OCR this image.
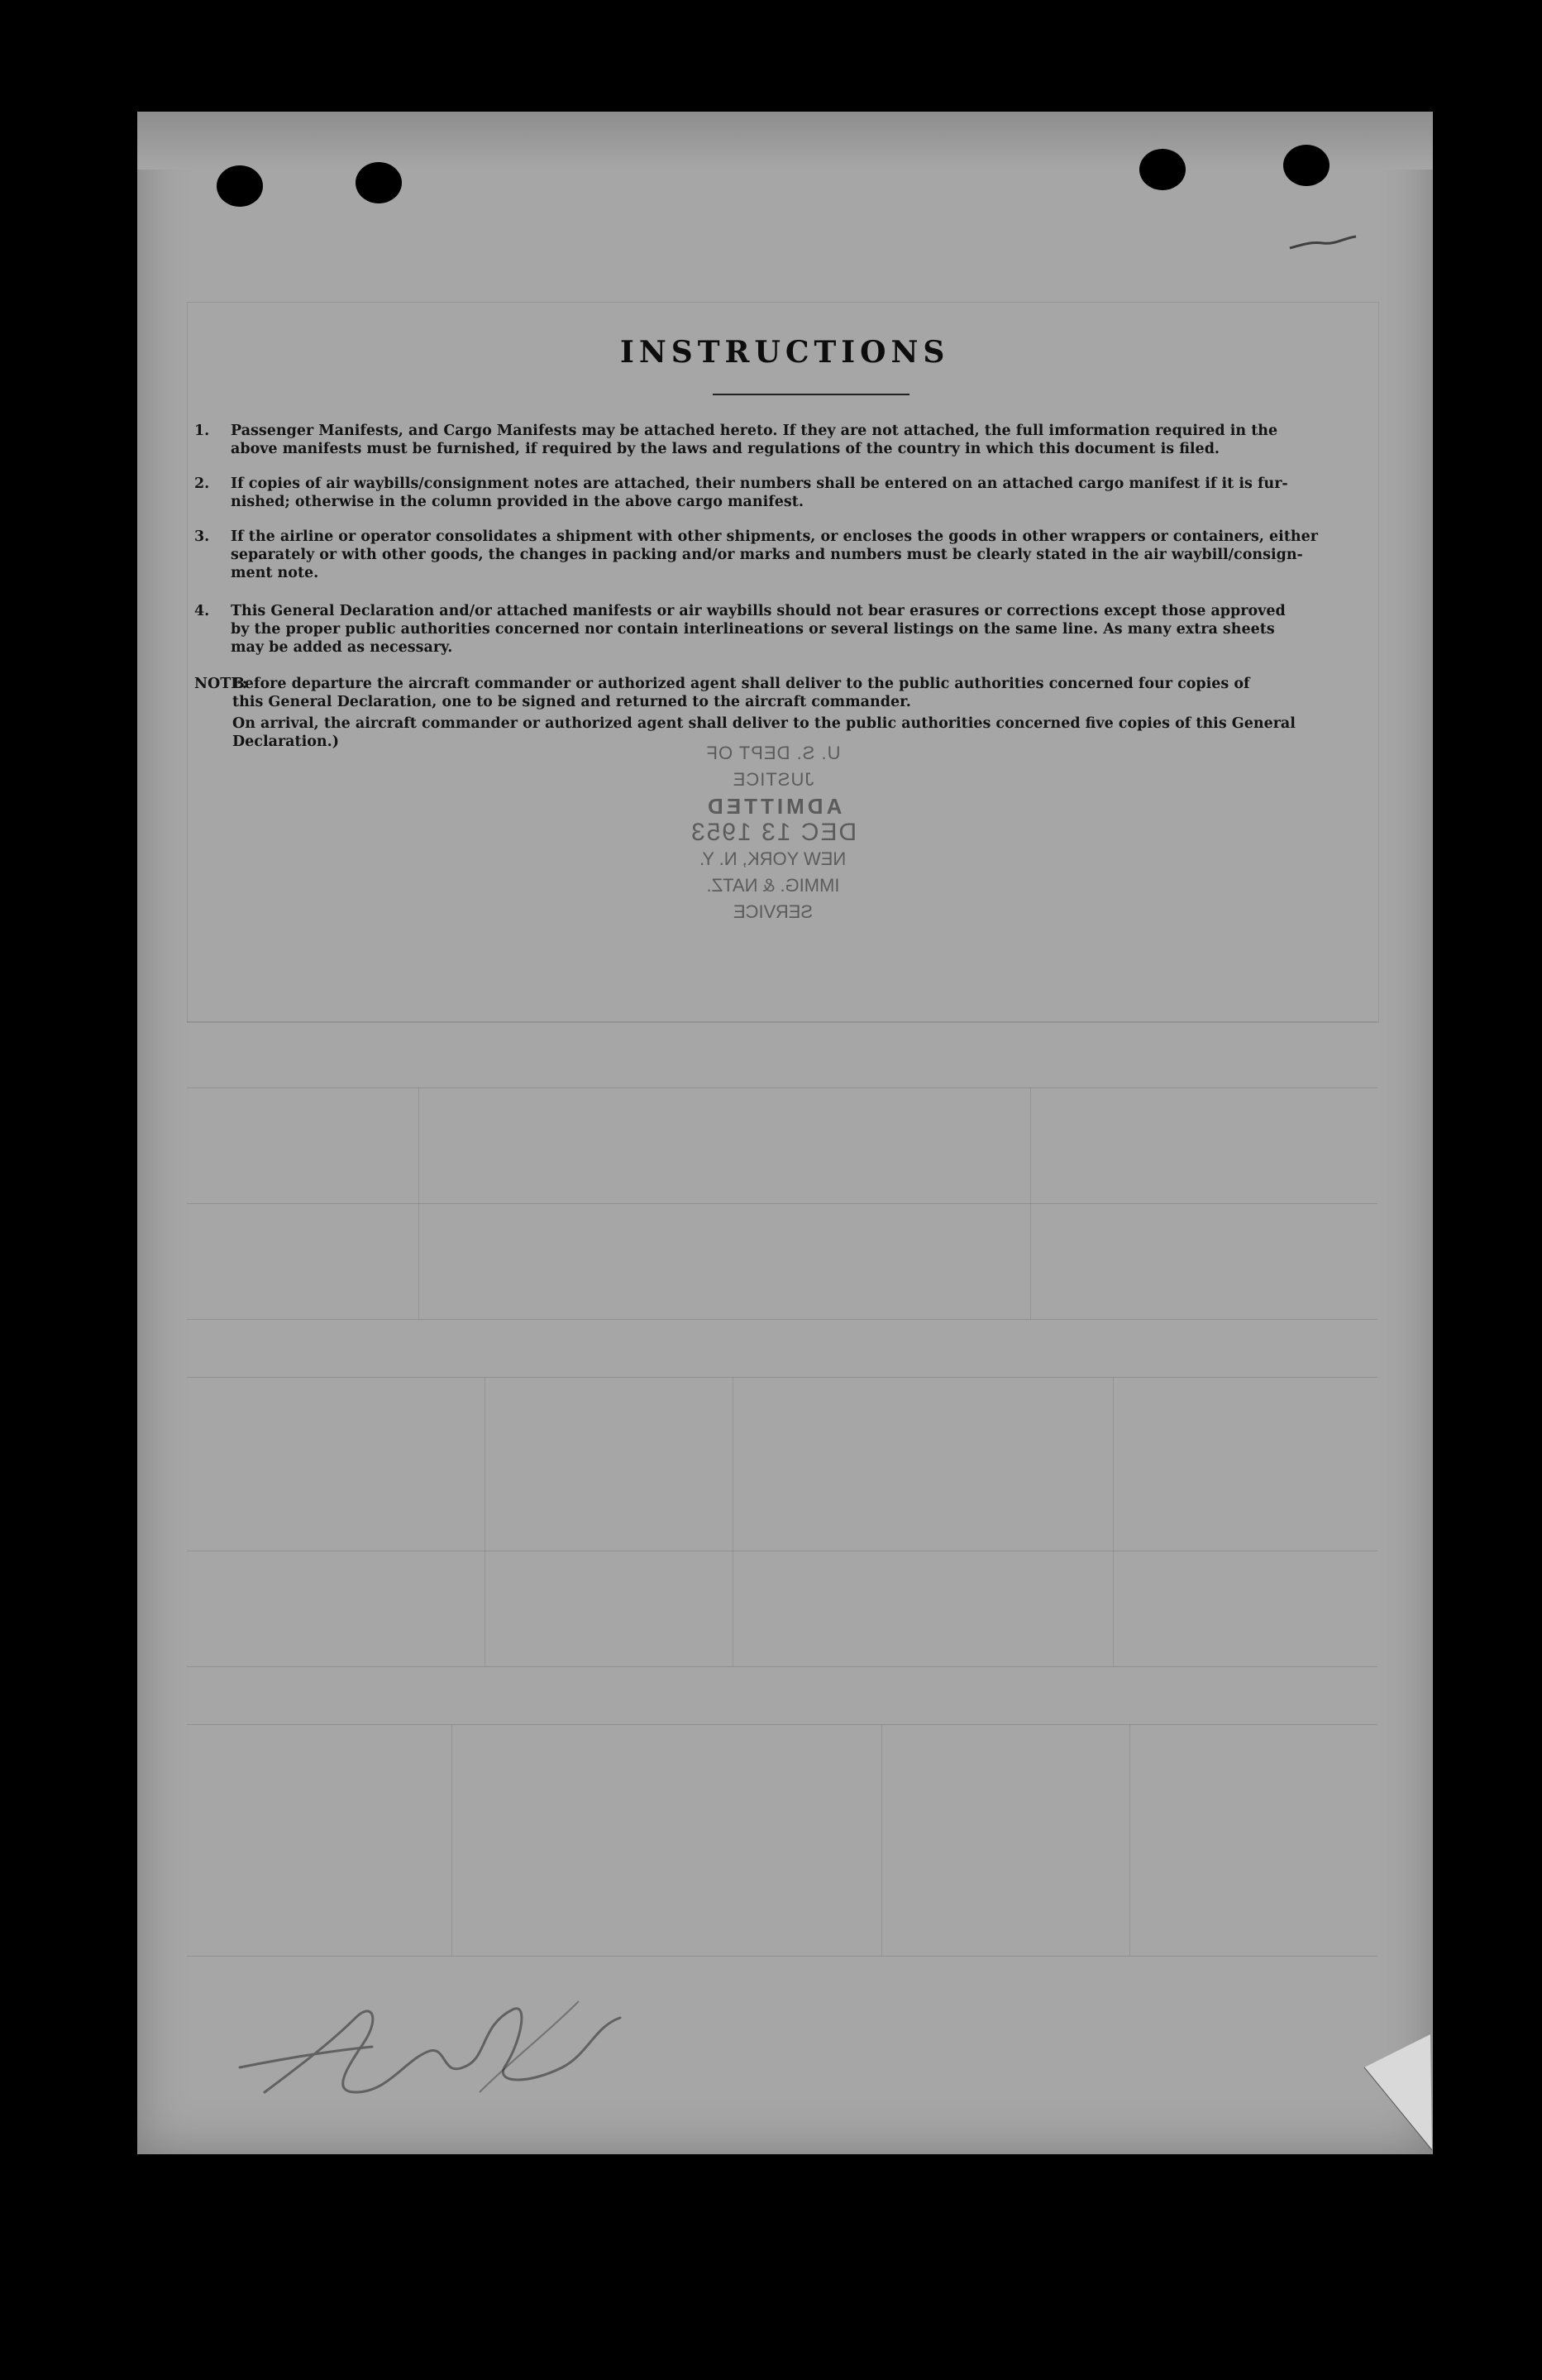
INSTRUCTIONS
1. Passenger Manifests, and Cargo Manifests may be attached hereto. If they are not attached, the full imformation required in the
above manifests must be furnished, if required by the laws and regulations of the country in which this document is filed.
2. If copies of air waybills/consignment notes are attached, their numbers shall be entered on an attached cargo manifest if it is fur-
nished; otherwise in the column provided in the above cargo manifest.
3. If the airline or operator consolidates a shipment with other shipments, or encloses the goods in other wrappers or containers, either
separately or with other goods, the changes in packing and/or marks and numbers must be clearly stated in the air waybill/consign-
ment note.
4. This General Declaration and/or attached manifests or air waybills should not bear erasures or corrections except those approved
by the proper public authorities concerned nor contain interlineations or several listings on the same line. As many extra sheets
may be added as necessary.
NOTE:
Before departure the aircraft commander or authorized agent shall deliver to the public authorities concerned four copies of
this General Declaration, one to be signed and returned to the aircraft commander.
On arrival, the aircraft commander or authorized agent shall deliver to the public authorities concerned five copies of this General
Declaration.)
U. S. DEPT OF JUSTICE
ADMITTED
DEC 13 1953
NEW YORK, N. Y.
IMMIG. & NATZ. SERVICE
